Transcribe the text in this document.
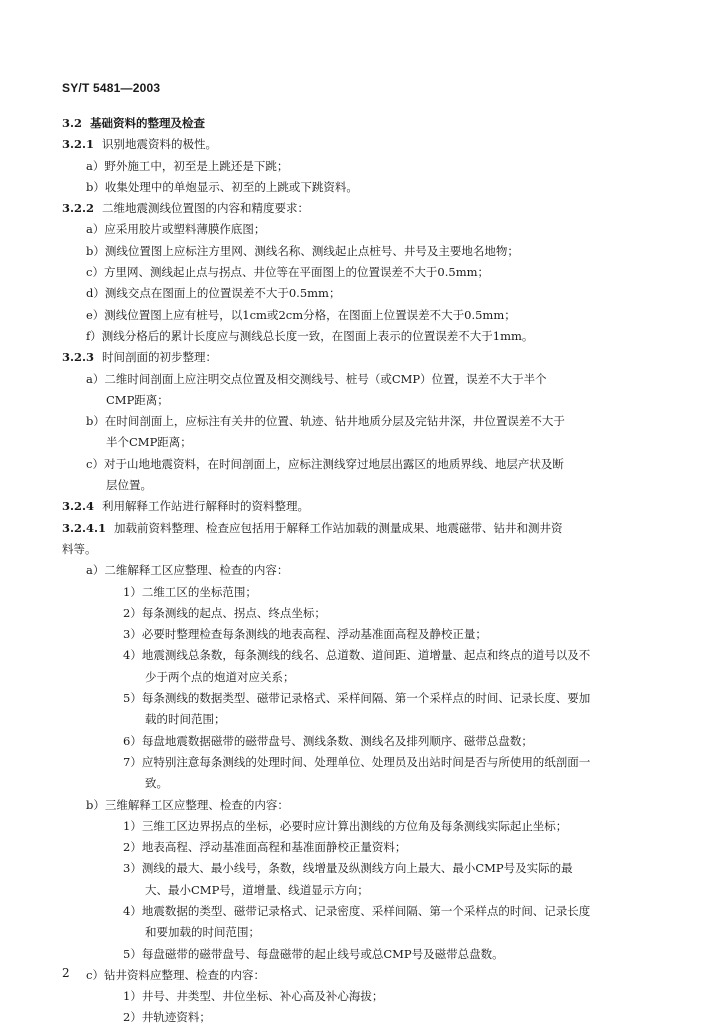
SY/T 5481—2003
3.2 基础资料的整理及检查
3.2.1 识别地震资料的极性。
a）野外施工中，初至是上跳还是下跳；
b）收集处理中的单炮显示、初至的上跳或下跳资料。
3.2.2 二维地震测线位置图的内容和精度要求：
a）应采用胶片或塑料薄膜作底图；
b）测线位置图上应标注方里网、测线名称、测线起止点桩号、井号及主要地名地物；
c）方里网、测线起止点与拐点、井位等在平面图上的位置误差不大于0.5mm；
d）测线交点在图面上的位置误差不大于0.5mm；
e）测线位置图上应有桩号，以1cm或2cm分格，在图面上位置误差不大于0.5mm；
f）测线分格后的累计长度应与测线总长度一致，在图面上表示的位置误差不大于1mm。
3.2.3 时间剖面的初步整理：
a）二维时间剖面上应注明交点位置及相交测线号、桩号（或CMP）位置，误差不大于半个
CMP距离；
b）在时间剖面上，应标注有关井的位置、轨迹、钻井地质分层及完钻井深，井位置误差不大于
半个CMP距离；
c）对于山地地震资料，在时间剖面上，应标注测线穿过地层出露区的地质界线、地层产状及断
层位置。
3.2.4 利用解释工作站进行解释时的资料整理。
3.2.4.1 加载前资料整理、检查应包括用于解释工作站加载的测量成果、地震磁带、钻井和测井资
料等。
a）二维解释工区应整理、检查的内容：
1）二维工区的坐标范围；
2）每条测线的起点、拐点、终点坐标；
3）必要时整理检查每条测线的地表高程、浮动基准面高程及静校正量；
4）地震测线总条数，每条测线的线名、总道数、道间距、道增量、起点和终点的道号以及不
少于两个点的炮道对应关系；
5）每条测线的数据类型、磁带记录格式、采样间隔、第一个采样点的时间、记录长度、要加
载的时间范围；
6）每盘地震数据磁带的磁带盘号、测线条数、测线名及排列顺序、磁带总盘数；
7）应特别注意每条测线的处理时间、处理单位、处理员及出站时间是否与所使用的纸剖面一
致。
b）三维解释工区应整理、检查的内容：
1）三维工区边界拐点的坐标，必要时应计算出测线的方位角及每条测线实际起止坐标；
2）地表高程、浮动基准面高程和基准面静校正量资料；
3）测线的最大、最小线号，条数，线增量及纵测线方向上最大、最小CMP号及实际的最
大、最小CMP号，道增量、线道显示方向；
4）地震数据的类型、磁带记录格式、记录密度、采样间隔、第一个采样点的时间、记录长度
和要加载的时间范围；
5）每盘磁带的磁带盘号、每盘磁带的起止线号或总CMP号及磁带总盘数。
c）钻井资料应整理、检查的内容：
1）井号、井类型、井位坐标、补心高及补心海拔；
2）井轨迹资料；
2
